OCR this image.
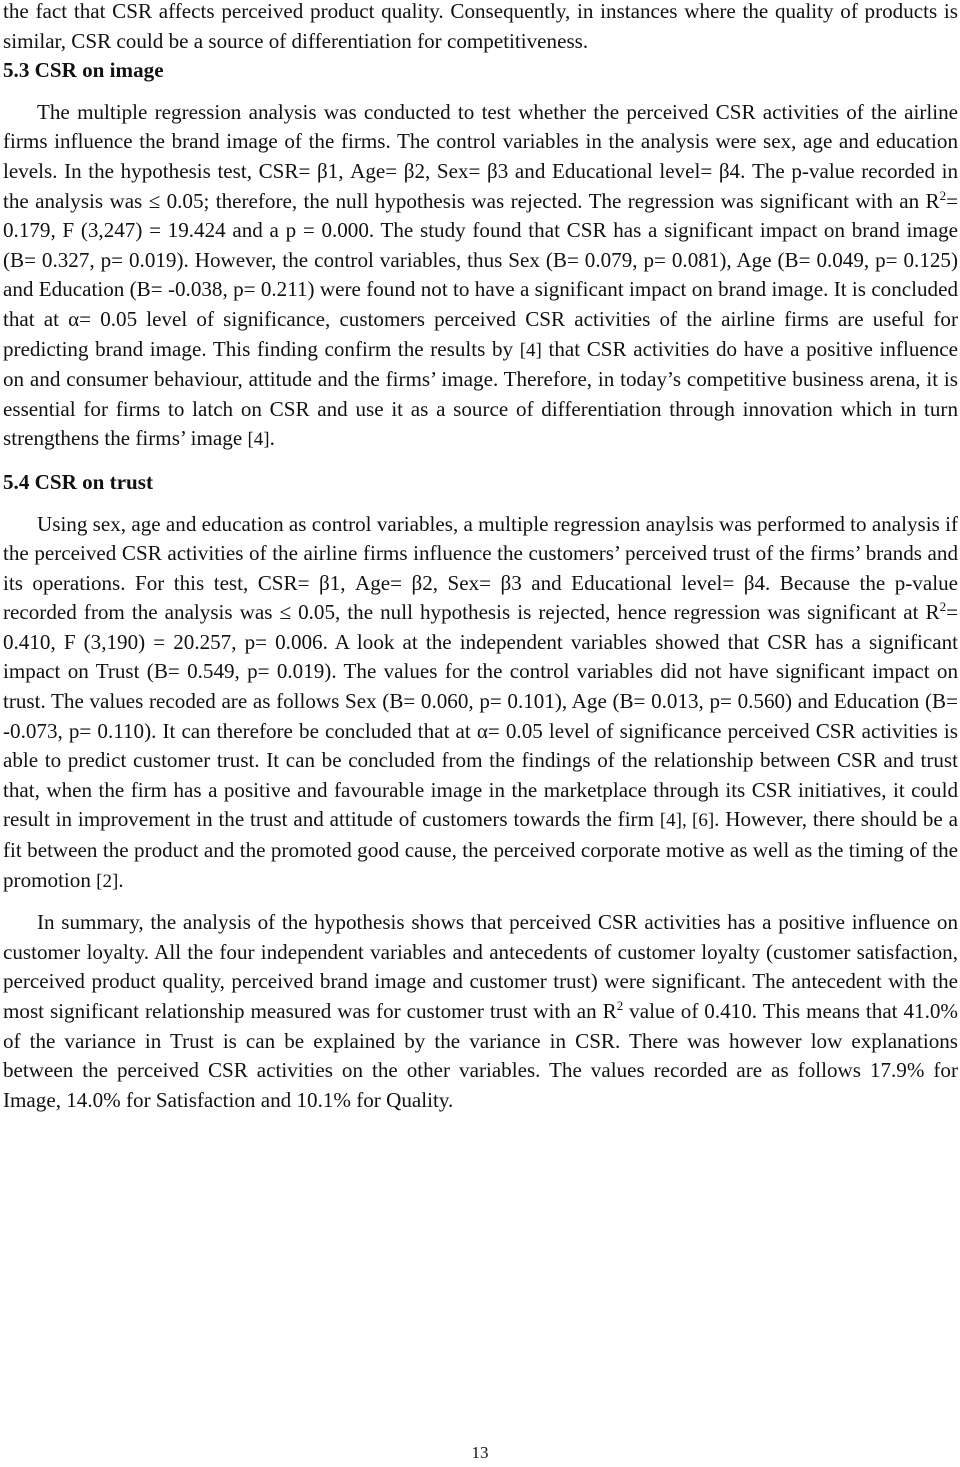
the fact that CSR affects perceived product quality. Consequently, in instances where the quality of products is similar, CSR could be a source of differentiation for competitiveness.

5.3 CSR on image

The multiple regression analysis was conducted to test whether the perceived CSR activities of the airline firms influence the brand image of the firms. The control variables in the analysis were sex, age and education levels. In the hypothesis test, CSR= β1, Age= β2, Sex= β3 and Educational level= β4. The p-value recorded in the analysis was ≤ 0.05; therefore, the null hypothesis was rejected. The regression was significant with an $R^2= 0.179$, F (3,247) = 19.424 and a p = 0.000. The study found that CSR has a significant impact on brand image (B= 0.327, p= 0.019). However, the control variables, thus Sex (B= 0.079, p= 0.081), Age (B= 0.049, p= 0.125) and Education (B= -0.038, p= 0.211) were found not to have a significant impact on brand image. It is concluded that at α= 0.05 level of significance, customers perceived CSR activities of the airline firms are useful for predicting brand image. This finding confirm the results by [4] that CSR activities do have a positive influence on and consumer behaviour, attitude and the firms’ image. Therefore, in today’s competitive business arena, it is essential for firms to latch on CSR and use it as a source of differentiation through innovation which in turn strengthens the firms’ image [4].

5.4 CSR on trust

Using sex, age and education as control variables, a multiple regression anaylsis was performed to analysis if the perceived CSR activities of the airline firms influence the customers’ perceived trust of the firms’ brands and its operations. For this test, CSR= β1, Age= β2, Sex= β3 and Educational level= β4. Because the p-value recorded from the analysis was ≤ 0.05, the null hypothesis is rejected, hence regression was significant at $R^2= 0.410$, F (3,190) = 20.257, p= 0.006. A look at the independent variables showed that CSR has a significant impact on Trust (B= 0.549, p= 0.019). The values for the control variables did not have significant impact on trust. The values recoded are as follows Sex (B= 0.060, p= 0.101), Age (B= 0.013, p= 0.560) and Education (B= -0.073, p= 0.110). It can therefore be concluded that at α= 0.05 level of significance perceived CSR activities is able to predict customer trust. It can be concluded from the findings of the relationship between CSR and trust that, when the firm has a positive and favourable image in the marketplace through its CSR initiatives, it could result in improvement in the trust and attitude of customers towards the firm [4], [6]. However, there should be a fit between the product and the promoted good cause, the perceived corporate motive as well as the timing of the promotion [2].

In summary, the analysis of the hypothesis shows that perceived CSR activities has a positive influence on customer loyalty. All the four independent variables and antecedents of customer loyalty (customer satisfaction, perceived product quality, perceived brand image and customer trust) were significant. The antecedent with the most significant relationship measured was for customer trust with an $R^2$ value of 0.410. This means that 41.0% of the variance in Trust is can be explained by the variance in CSR. There was however low explanations between the perceived CSR activities on the other variables. The values recorded are as follows 17.9% for Image, 14.0% for Satisfaction and 10.1% for Quality.

13
